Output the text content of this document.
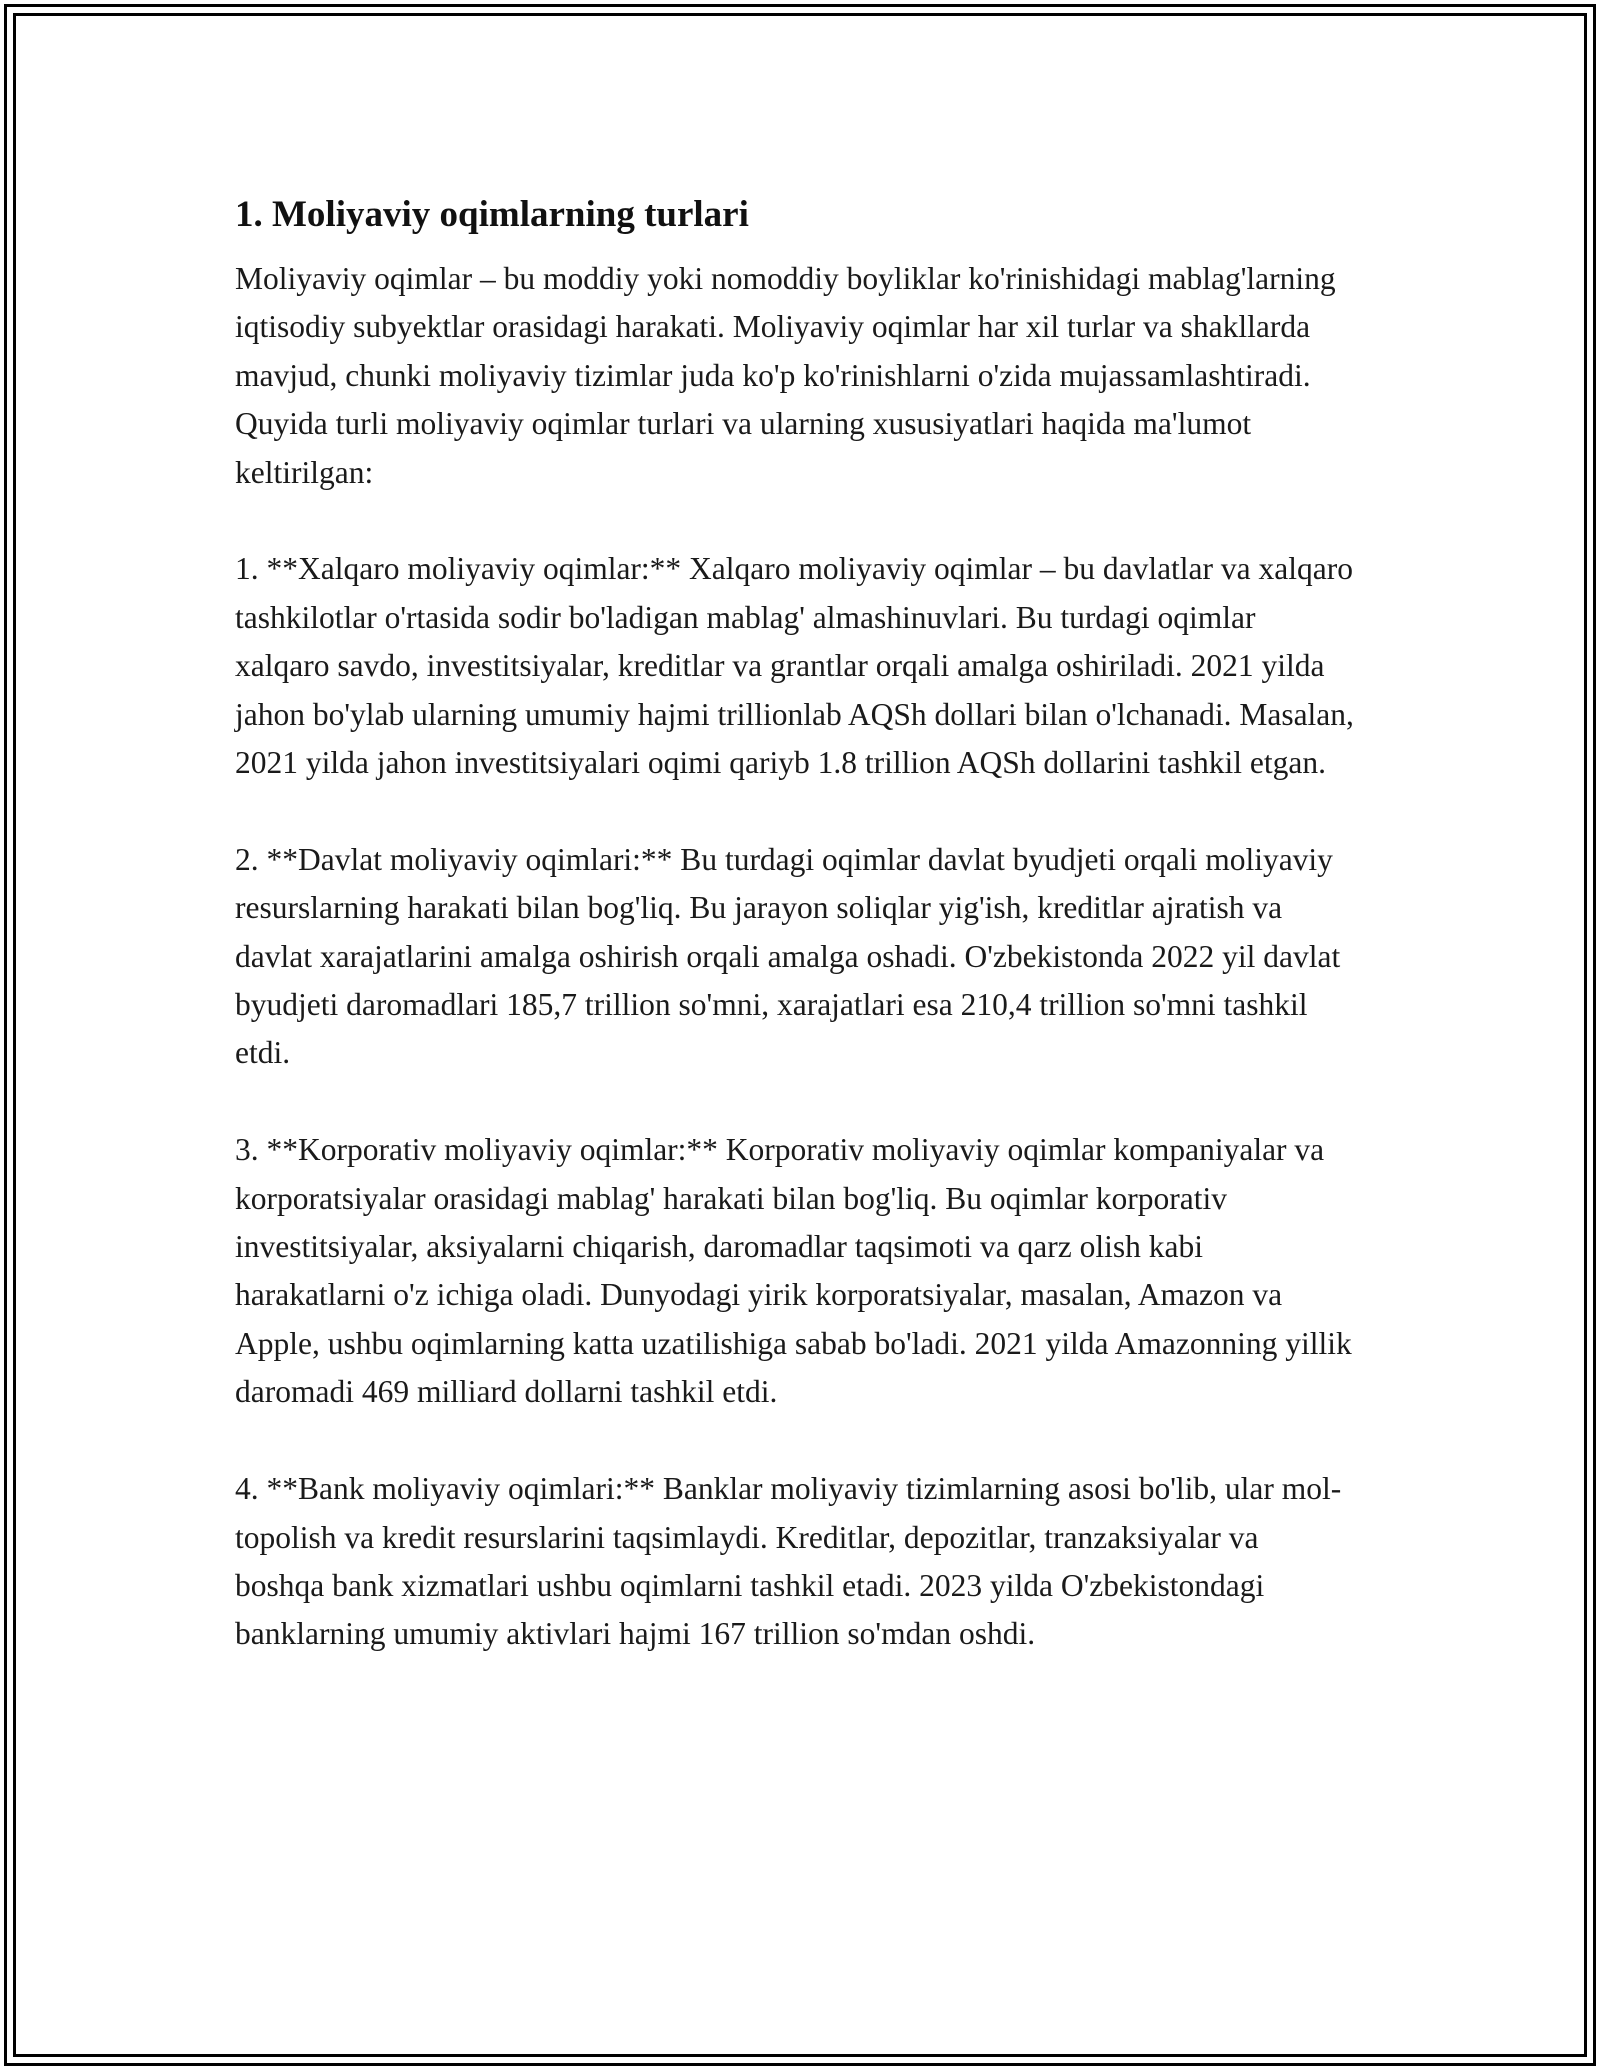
1. Moliyaviy oqimlarning turlari

Moliyaviy oqimlar – bu moddiy yoki nomoddiy boyliklar ko'rinishidagi mablag'larning iqtisodiy subyektlar orasidagi harakati. Moliyaviy oqimlar har xil turlar va shakllarda mavjud, chunki moliyaviy tizimlar juda ko'p ko'rinishlarni o'zida mujassamlashtiradi. Quyida turli moliyaviy oqimlar turlari va ularning xususiyatlari haqida ma'lumot keltirilgan:

1. **Xalqaro moliyaviy oqimlar:** Xalqaro moliyaviy oqimlar – bu davlatlar va xalqaro tashkilotlar o'rtasida sodir bo'ladigan mablag' almashinuvlari. Bu turdagi oqimlar xalqaro savdo, investitsiyalar, kreditlar va grantlar orqali amalga oshiriladi. 2021 yilda jahon bo'ylab ularning umumiy hajmi trillionlab AQSh dollari bilan o'lchanadi. Masalan, 2021 yilda jahon investitsiyalari oqimi qariyb 1.8 trillion AQSh dollarini tashkil etgan.

2. **Davlat moliyaviy oqimlari:** Bu turdagi oqimlar davlat byudjeti orqali moliyaviy resurslarning harakati bilan bog'liq. Bu jarayon soliqlar yig'ish, kreditlar ajratish va davlat xarajatlarini amalga oshirish orqali amalga oshadi. O'zbekistonda 2022 yil davlat byudjeti daromadlari 185,7 trillion so'mni, xarajatlari esa 210,4 trillion so'mni tashkil etdi.

3. **Korporativ moliyaviy oqimlar:** Korporativ moliyaviy oqimlar kompaniyalar va korporatsiyalar orasidagi mablag' harakati bilan bog'liq. Bu oqimlar korporativ investitsiyalar, aksiyalarni chiqarish, daromadlar taqsimoti va qarz olish kabi harakatlarni o'z ichiga oladi. Dunyodagi yirik korporatsiyalar, masalan, Amazon va Apple, ushbu oqimlarning katta uzatilishiga sabab bo'ladi. 2021 yilda Amazonning yillik daromadi 469 milliard dollarni tashkil etdi.

4. **Bank moliyaviy oqimlari:** Banklar moliyaviy tizimlarning asosi bo'lib, ular mol-topolish va kredit resurslarini taqsimlaydi. Kreditlar, depozitlar, tranzaksiyalar va boshqa bank xizmatlari ushbu oqimlarni tashkil etadi. 2023 yilda O'zbekistondagi banklarning umumiy aktivlari hajmi 167 trillion so'mdan oshdi.
